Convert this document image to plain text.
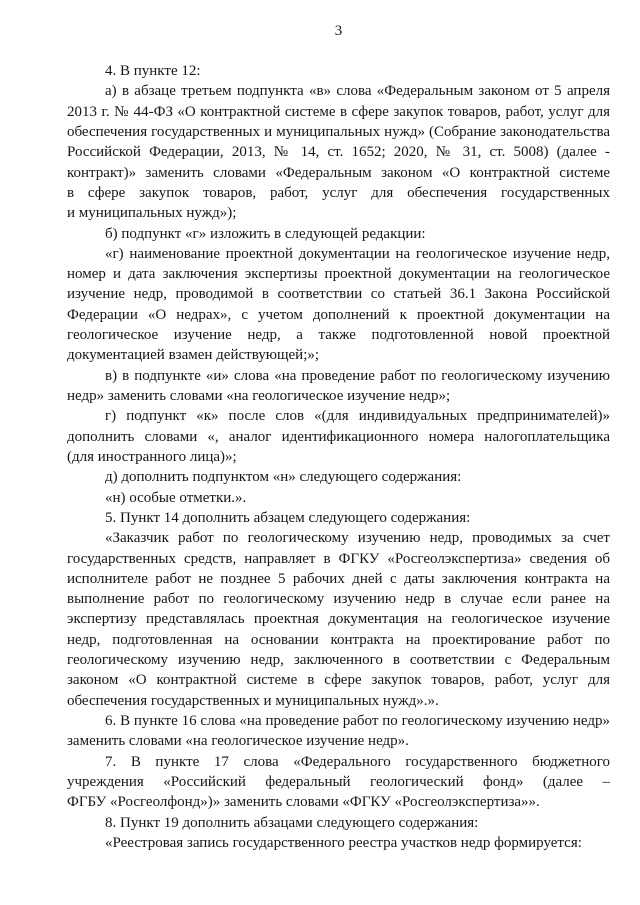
3
4. В пункте 12:
а) в абзаце третьем подпункта «в» слова «Федеральным законом от 5 апреля
2013 г. № 44-ФЗ «О контрактной системе в сфере закупок товаров, работ, услуг для
обеспечения государственных и муниципальных нужд» (Собрание законодательства
Российской Федерации, 2013, № 14, ст. 1652; 2020, № 31, ст. 5008) (далее -
контракт)» заменить словами «Федеральным законом «О контрактной системе
в сфере закупок товаров, работ, услуг для обеспечения государственных
и муниципальных нужд»);
б) подпункт «г» изложить в следующей редакции:
«г) наименование проектной документации на геологическое изучение недр,
номер и дата заключения экспертизы проектной документации на геологическое
изучение недр, проводимой в соответствии со статьей 36.1 Закона Российской
Федерации «О недрах», с учетом дополнений к проектной документации на
геологическое изучение недр, а также подготовленной новой проектной
документацией взамен действующей;»;
в) в подпункте «и» слова «на проведение работ по геологическому изучению
недр» заменить словами «на геологическое изучение недр»;
г) подпункт «к» после слов «(для индивидуальных предпринимателей)»
дополнить словами «, аналог идентификационного номера налогоплательщика
(для иностранного лица)»;
д) дополнить подпунктом «н» следующего содержания:
«н) особые отметки.».
5. Пункт 14 дополнить абзацем следующего содержания:
«Заказчик работ по геологическому изучению недр, проводимых за счет
государственных средств, направляет в ФГКУ «Росгеолэкспертиза» сведения об
исполнителе работ не позднее 5 рабочих дней с даты заключения контракта на
выполнение работ по геологическому изучению недр в случае если ранее на
экспертизу представлялась проектная документация на геологическое изучение
недр, подготовленная на основании контракта на проектирование работ по
геологическому изучению недр, заключенного в соответствии с Федеральным
законом «О контрактной системе в сфере закупок товаров, работ, услуг для
обеспечения государственных и муниципальных нужд».».
6. В пункте 16 слова «на проведение работ по геологическому изучению недр»
заменить словами «на геологическое изучение недр».
7. В пункте 17 слова «Федерального государственного бюджетного
учреждения «Российский федеральный геологический фонд» (далее –
ФГБУ «Росгеолфонд»)» заменить словами «ФГКУ «Росгеолэкспертиза»».
8. Пункт 19 дополнить абзацами следующего содержания:
«Реестровая запись государственного реестра участков недр формируется:
